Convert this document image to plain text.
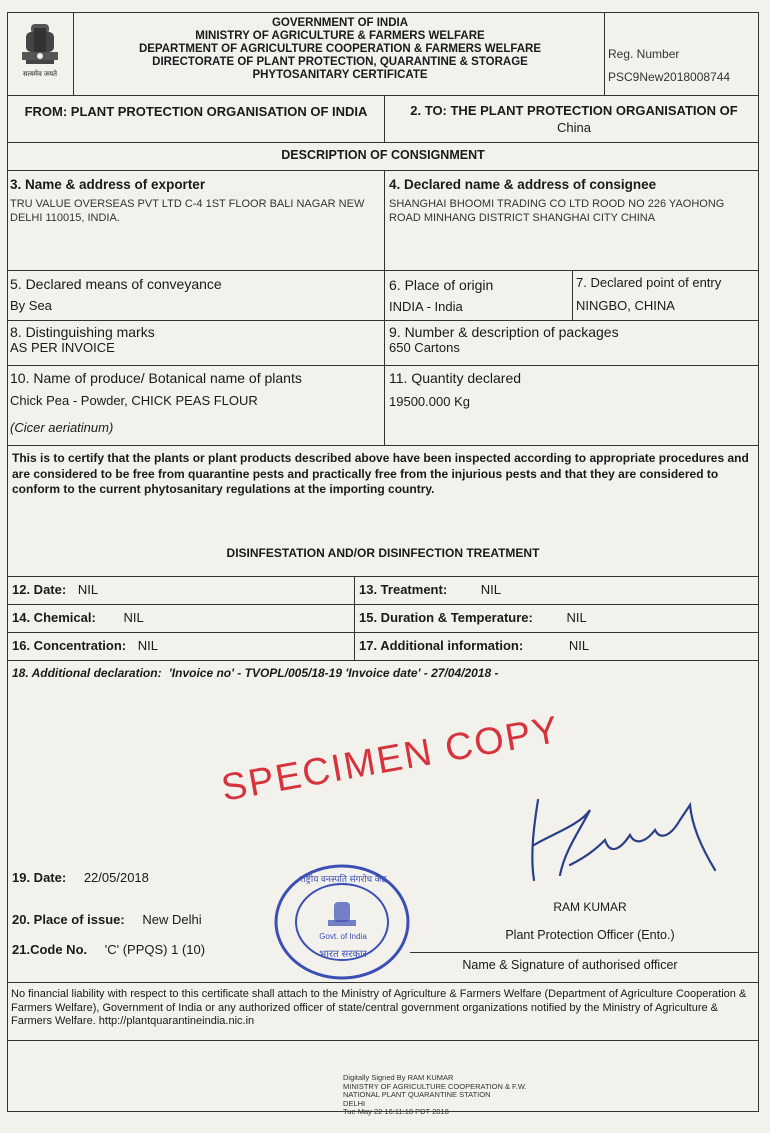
सत्यमेव जयते
GOVERNMENT OF INDIA
MINISTRY OF AGRICULTURE & FARMERS WELFARE
DEPARTMENT OF AGRICULTURE COOPERATION & FARMERS WELFARE
DIRECTORATE OF PLANT PROTECTION, QUARANTINE & STORAGE
PHYTOSANITARY CERTIFICATE
Reg. Number
PSC9New2018008744
FROM: PLANT PROTECTION ORGANISATION OF INDIA	2. TO: THE PLANT PROTECTION ORGANISATION OF
China
DESCRIPTION OF CONSIGNMENT
3. Name & address of exporter
TRU VALUE OVERSEAS PVT LTD C-4 1ST FLOOR BALI NAGAR NEW DELHI 110015, INDIA.
4. Declared name & address of consignee
SHANGHAI BHOOMI TRADING CO LTD ROOD NO 226 YAOHONG ROAD MINHANG DISTRICT SHANGHAI CITY CHINA
5. Declared means of conveyance
By Sea
6. Place of origin
INDIA - India
7. Declared point of entry
NINGBO, CHINA
8. Distinguishing marks
AS PER INVOICE
9. Number & description of packages
650 Cartons
10. Name of produce/ Botanical name of plants
Chick Pea - Powder, CHICK PEAS FLOUR
(Cicer aeriatinum)
11. Quantity declared
19500.000 Kg
This is to certify that the plants or plant products described above have been inspected according to appropriate procedures and are considered to be free from quarantine pests and practically free from the injurious pests and that they are considered to conform to the current phytosanitary regulations at the importing country.
DISINFESTATION AND/OR DISINFECTION TREATMENT
12. Date: NIL	13. Treatment:	NIL
14. Chemical: NIL	15. Duration & Temperature:	NIL
16. Concentration: NIL	17. Additional information:	NIL
18. Additional declaration: 'Invoice no' - TVOPL/005/18-19 'Invoice date' - 27/04/2018 -
SPECIMEN COPY
19. Date: 22/05/2018
20. Place of issue: New Delhi
21.Code No. 'C' (PPQS) 1 (10)
राष्ट्रीय वनस्पति संगरोध केंद्र
भारत सरकार
Govt. of India
RAM KUMAR
Plant Protection Officer (Ento.)
Name & Signature of authorised officer
No financial liability with respect to this certificate shall attach to the Ministry of Agriculture & Farmers Welfare (Department of Agriculture Cooperation & Farmers Welfare), Government of India or any authorized officer of state/central government organizations notified by the Ministry of Agriculture & Farmers Welfare. http://plantquarantineindia.nic.in
Digitally Signed By RAM KUMAR
MINISTRY OF AGRICULTURE COOPERATION & F.W.
NATIONAL PLANT QUARANTINE STATION
DELHI
Tue May 22 16:11:18 PDT 2018
